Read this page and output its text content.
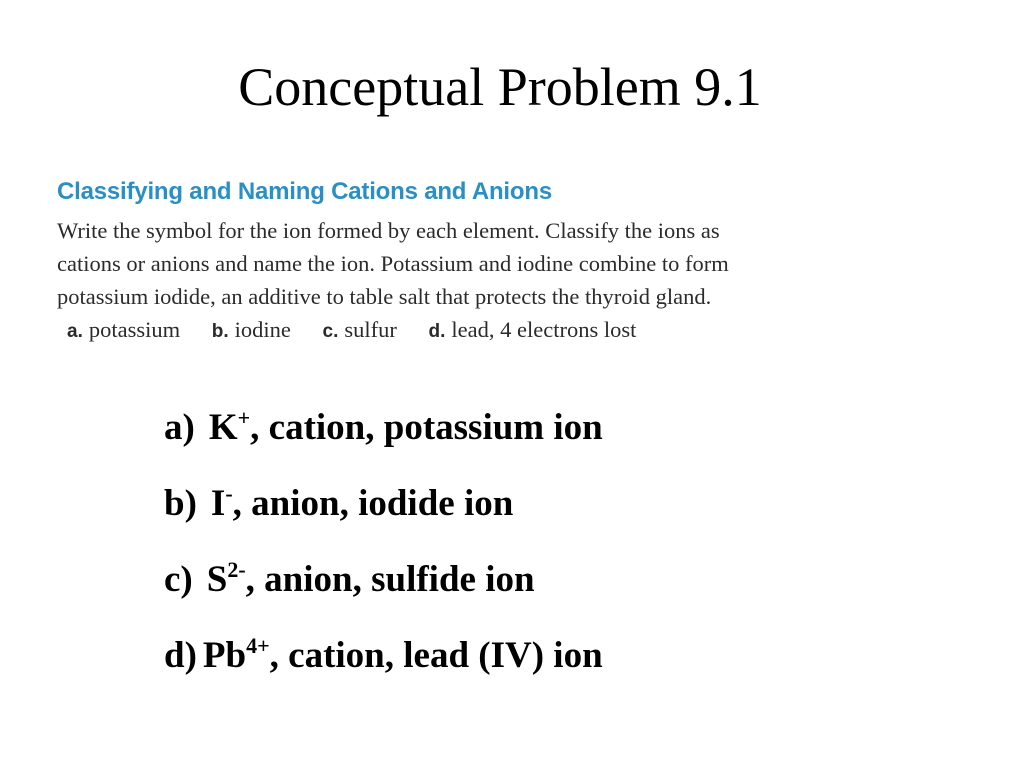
Conceptual Problem 9.1
Classifying and Naming Cations and Anions
Write the symbol for the ion formed by each element. Classify the ions as
cations or anions and name the ion. Potassium and iodine combine to form
potassium iodide, an additive to table salt that protects the thyroid gland.
a. potassium b. iodine c. sulfur d. lead, 4 electrons lost
a) K+, cation, potassium ion
b) I-, anion, iodide ion
c) $S^{2-}$, anion, sulfide ion
d) $Pb^{4+}$, cation, lead (IV) ion
